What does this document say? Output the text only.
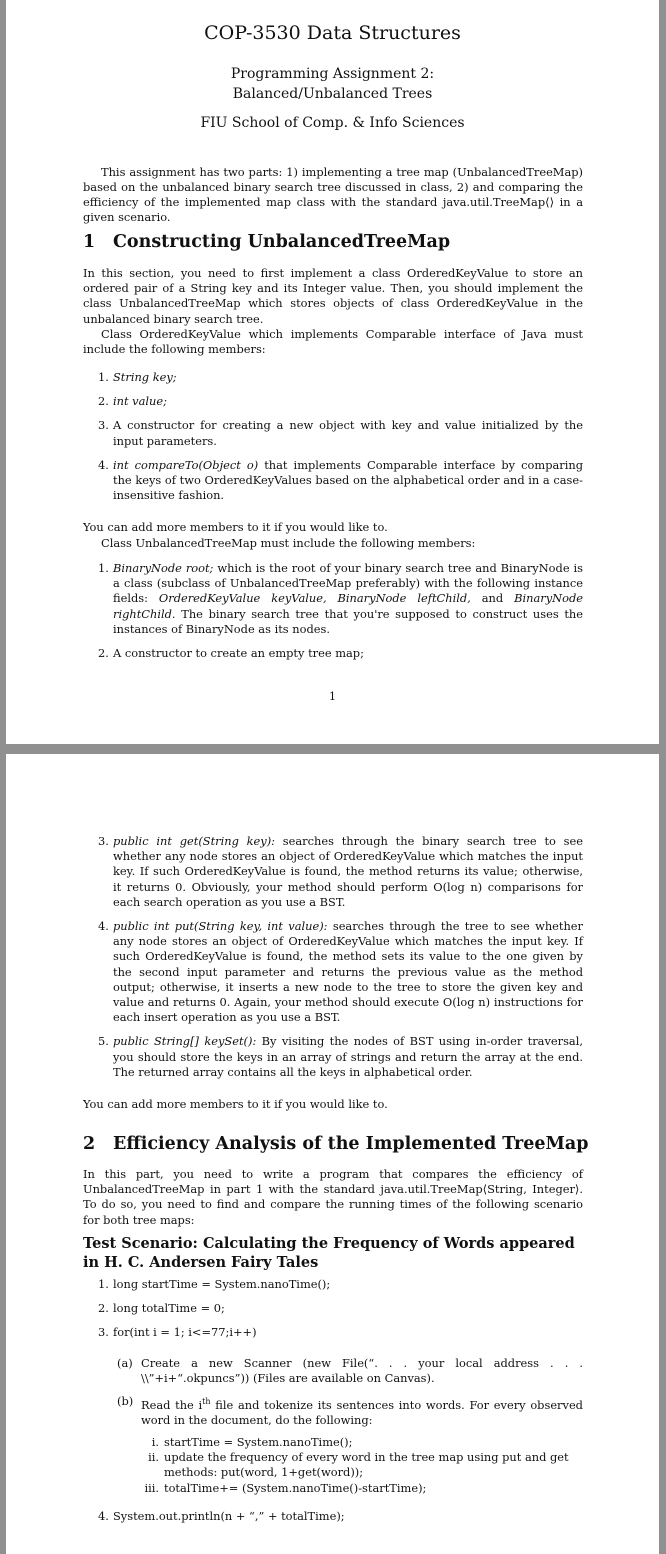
COP-3530 Data Structures
Programming Assignment 2:
Balanced/Unbalanced Trees
FIU School of Comp. & Info Sciences
This assignment has two parts: 1) implementing a tree map (UnbalancedTreeMap) based on the unbalanced binary search tree discussed in class, 2) and comparing the efficiency of the implemented map class with the standard java.util.TreeMap⟨⟩ in a given scenario.
1 Constructing UnbalancedTreeMap
In this section, you need to first implement a class OrderedKeyValue to store an ordered pair of a String key and its Integer value. Then, you should implement the class UnbalancedTreeMap which stores objects of class OrderedKeyValue in the unbalanced binary search tree.
Class OrderedKeyValue which implements Comparable interface of Java must include the following members:
1. String key;
2. int value;
3. A constructor for creating a new object with key and value initialized by the input parameters.
4. int compareTo(Object o) that implements Comparable interface by comparing the keys of two OrderedKeyValues based on the alphabetical order and in a case-insensitive fashion.
You can add more members to it if you would like to.
Class UnbalancedTreeMap must include the following members:
1. BinaryNode root; which is the root of your binary search tree and BinaryNode is a class (subclass of UnbalancedTreeMap preferably) with the following instance fields: OrderedKeyValue keyValue, BinaryNode leftChild, and BinaryNode rightChild. The binary search tree that you're supposed to construct uses the instances of BinaryNode as its nodes.
2. A constructor to create an empty tree map;
1
3. public int get(String key): searches through the binary search tree to see whether any node stores an object of OrderedKeyValue which matches the input key. If such OrderedKeyValue is found, the method returns its value; otherwise, it returns 0. Obviously, your method should perform O(log n) comparisons for each search operation as you use a BST.
4. public int put(String key, int value): searches through the tree to see whether any node stores an object of OrderedKeyValue which matches the input key. If such OrderedKeyValue is found, the method sets its value to the one given by the second input parameter and returns the previous value as the method output; otherwise, it inserts a new node to the tree to store the given key and value and returns 0. Again, your method should execute O(log n) instructions for each insert operation as you use a BST.
5. public String[] keySet(): By visiting the nodes of BST using in-order traversal, you should store the keys in an array of strings and return the array at the end. The returned array contains all the keys in alphabetical order.
You can add more members to it if you would like to.
2 Efficiency Analysis of the Implemented TreeMap
In this part, you need to write a program that compares the efficiency of UnbalancedTreeMap in part 1 with the standard java.util.TreeMap⟨String, Integer⟩. To do so, you need to find and compare the running times of the following scenario for both tree maps:
Test Scenario: Calculating the Frequency of Words appeared in H. C. Andersen Fairy Tales
1. long startTime = System.nanoTime();
2. long totalTime = 0;
3. for(int i = 1; i<=77;i++)
(a) Create a new Scanner (new File(“. . . your local address . . . \\”+i+“.okpuncs”)) (Files are available on Canvas).
(b) Read the $i^{th}$ file and tokenize its sentences into words. For every observed word in the document, do the following:
i. startTime = System.nanoTime();
ii. update the frequency of every word in the tree map using put and get methods: put(word, 1+get(word));
iii. totalTime+= (System.nanoTime()-startTime);
4. System.out.println(n + “,” + totalTime);
